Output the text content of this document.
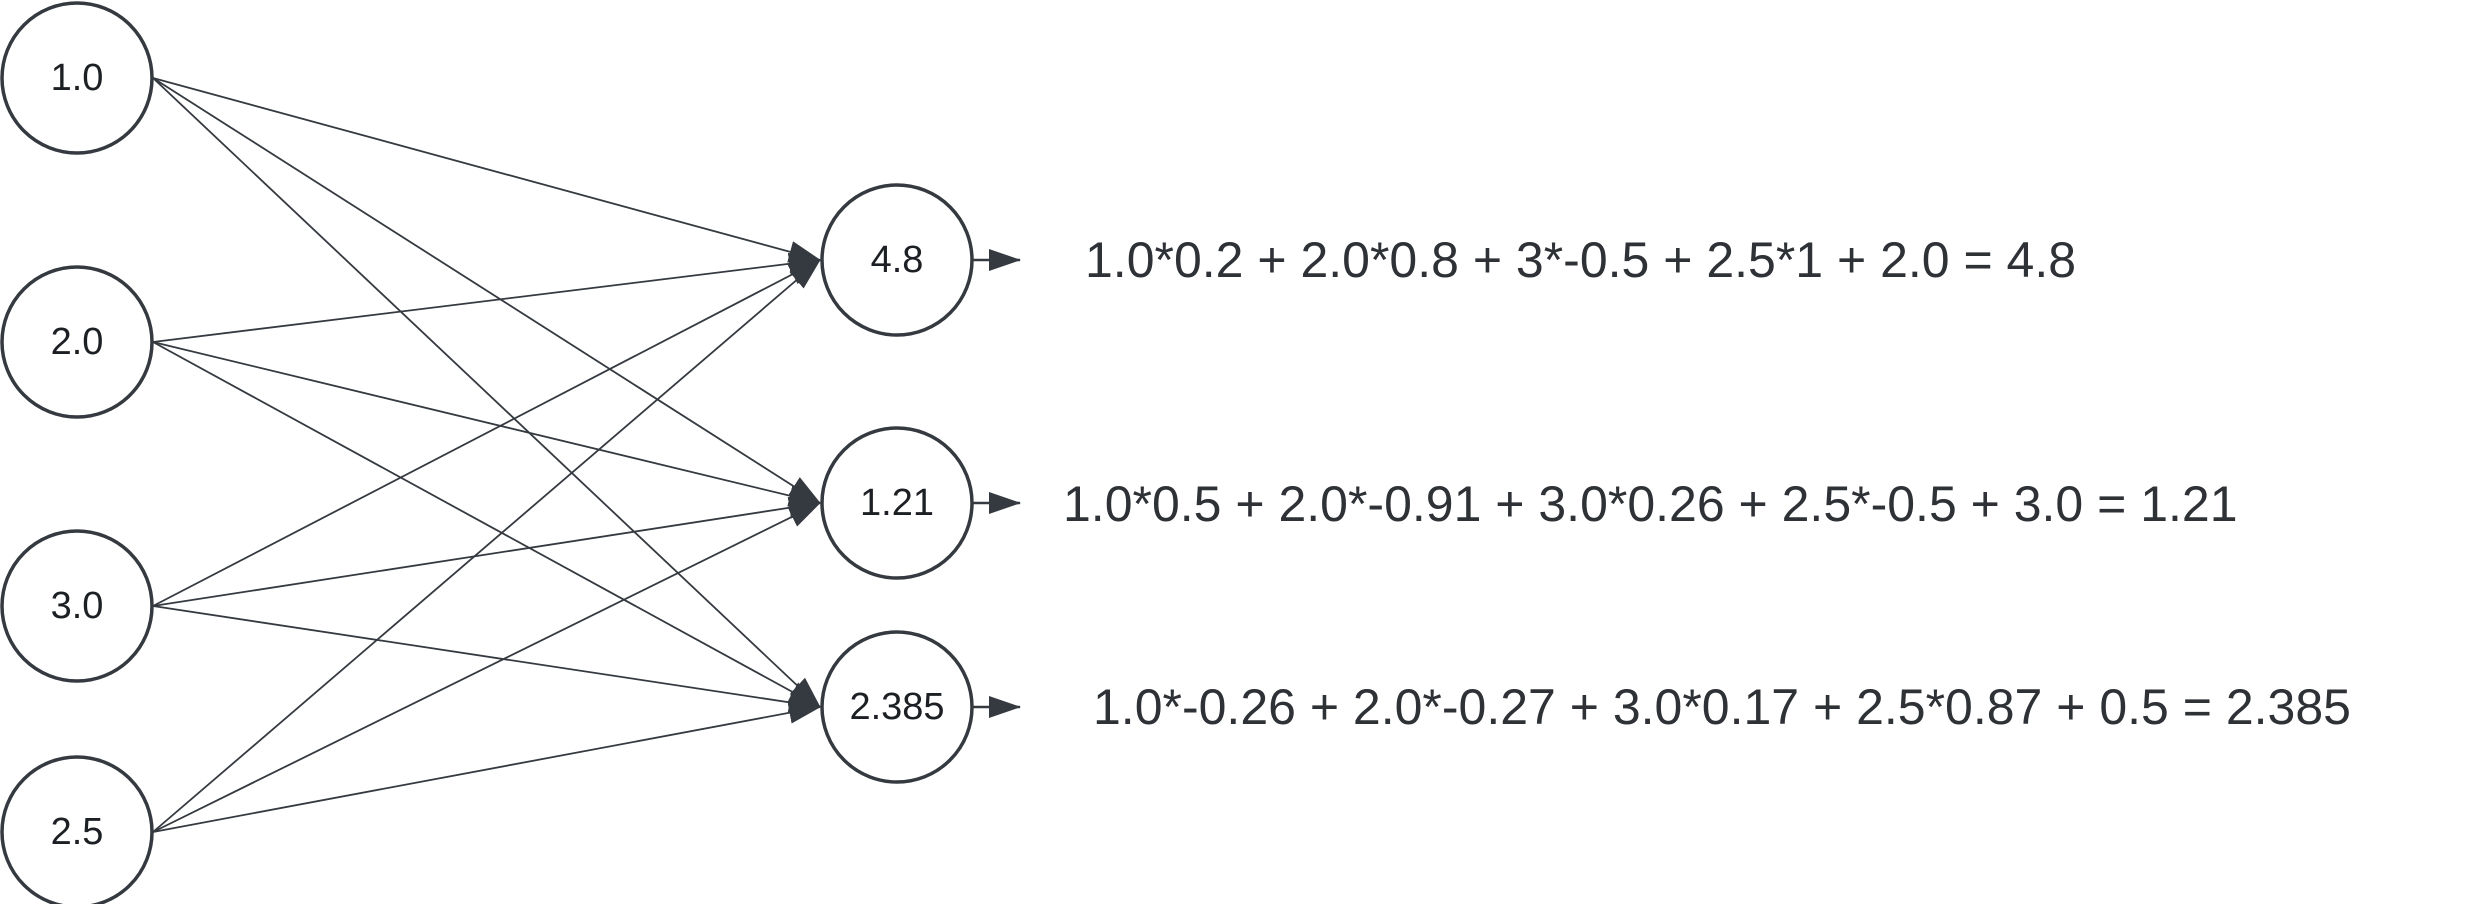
1.0
2.0
3.0
2.5
4.8
1.21
2.385
1.0*0.2 + 2.0*0.8 + 3*-0.5 + 2.5*1 + 2.0 = 4.8
1.0*0.5 + 2.0*-0.91 + 3.0*0.26 + 2.5*-0.5 + 3.0 = 1.21
1.0*-0.26 + 2.0*-0.27 + 3.0*0.17 + 2.5*0.87 + 0.5 = 2.385
